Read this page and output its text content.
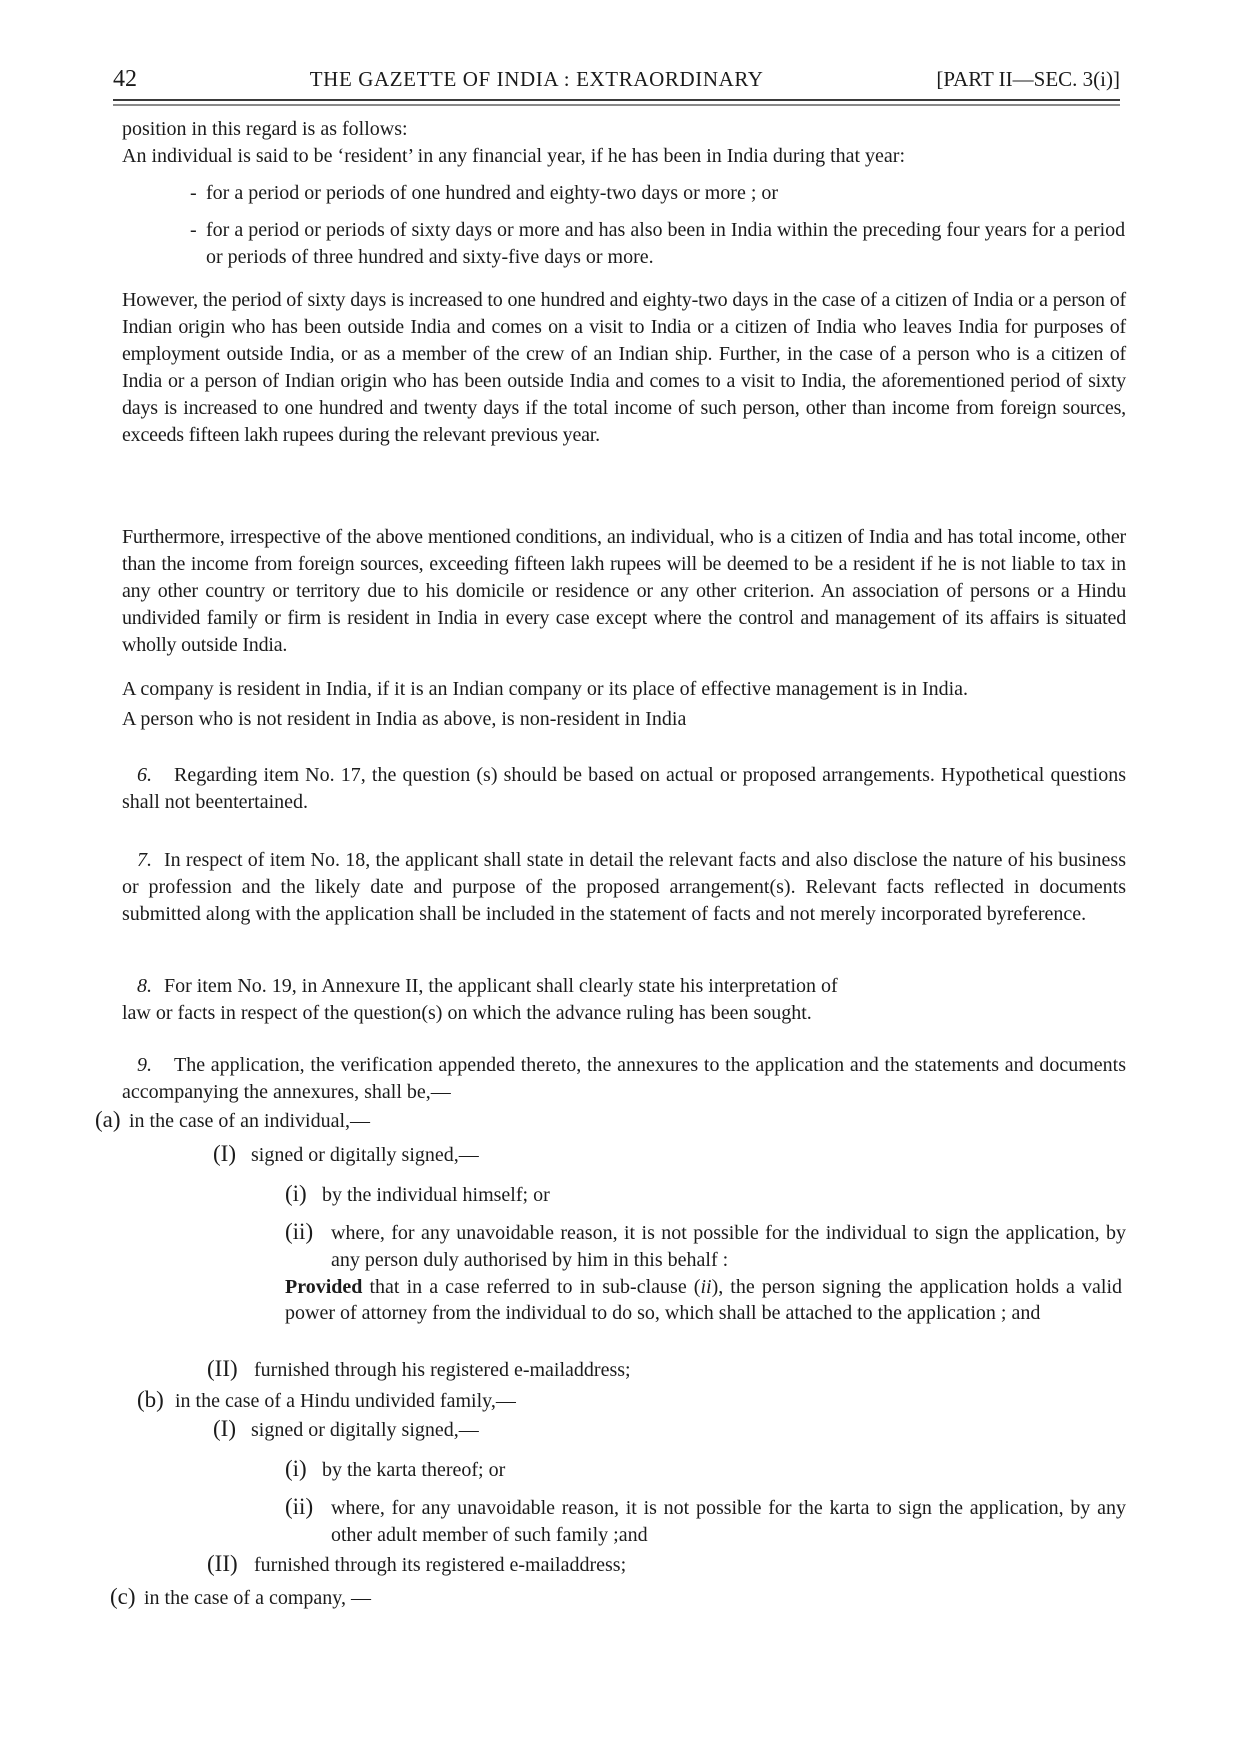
42	THE GAZETTE OF INDIA : EXTRAORDINARY	[PART II—SEC. 3(i)]

position in this regard is as follows:

An individual is said to be ‘resident’ in any financial year, if he has been in India during that year:

- for a period or periods of one hundred and eighty-two days or more ; or
- for a period or periods of sixty days or more and has also been in India within the preceding four years for a period or periods of three hundred and sixty-five days or more.

However, the period of sixty days is increased to one hundred and eighty-two days in the case of a citizen of India or a person of Indian origin who has been outside India and comes on a visit to India or a citizen of India who leaves India for purposes of employment outside India, or as a member of the crew of an Indian ship. Further, in the case of a person who is a citizen of India or a person of Indian origin who has been outside India and comes to a visit to India, the aforementioned period of sixty days is increased to one hundred and twenty days if the total income of such person, other than income from foreign sources, exceeds fifteen lakh rupees during the relevant previous year.

Furthermore, irrespective of the above mentioned conditions, an individual, who is a citizen of India and has total income, other than the income from foreign sources, exceeding fifteen lakh rupees will be deemed to be a resident if he is not liable to tax in any other country or territory due to his domicile or residence or any other criterion. An association of persons or a Hindu undivided family or firm is resident in India in every case except where the control and management of its affairs is situated wholly outside India.

A company is resident in India, if it is an Indian company or its place of effective management is in India.

A person who is not resident in India as above, is non-resident in India

6. Regarding item No. 17, the question (s) should be based on actual or proposed arrangements. Hypothetical questions shall not beentertained.

7. In respect of item No. 18, the applicant shall state in detail the relevant facts and also disclose the nature of his business or profession and the likely date and purpose of the proposed arrangement(s). Relevant facts reflected in documents submitted along with the application shall be included in the statement of facts and not merely incorporated byreference.

8. For item No. 19, in Annexure II, the applicant shall clearly state his interpretation of

law or facts in respect of the question(s) on which the advance ruling has been sought.

9. The application, the verification appended thereto, the annexures to the application and the statements and documents accompanying the annexures, shall be,—

(a) in the case of an individual,—
(I) signed or digitally signed,—
(i) by the individual himself; or
(ii) where, for any unavoidable reason, it is not possible for the individual to sign the application, by any person duly authorised by him in this behalf :
Provided that in a case referred to in sub-clause (ii), the person signing the application holds a valid power of attorney from the individual to do so, which shall be attached to the application ; and
(II) furnished through his registered e-mailaddress;
(b) in the case of a Hindu undivided family,—
(I) signed or digitally signed,—
(i) by the karta thereof; or
(ii) where, for any unavoidable reason, it is not possible for the karta to sign the application, by any other adult member of such family ;and
(II) furnished through its registered e-mailaddress;
(c) in the case of a company, —
